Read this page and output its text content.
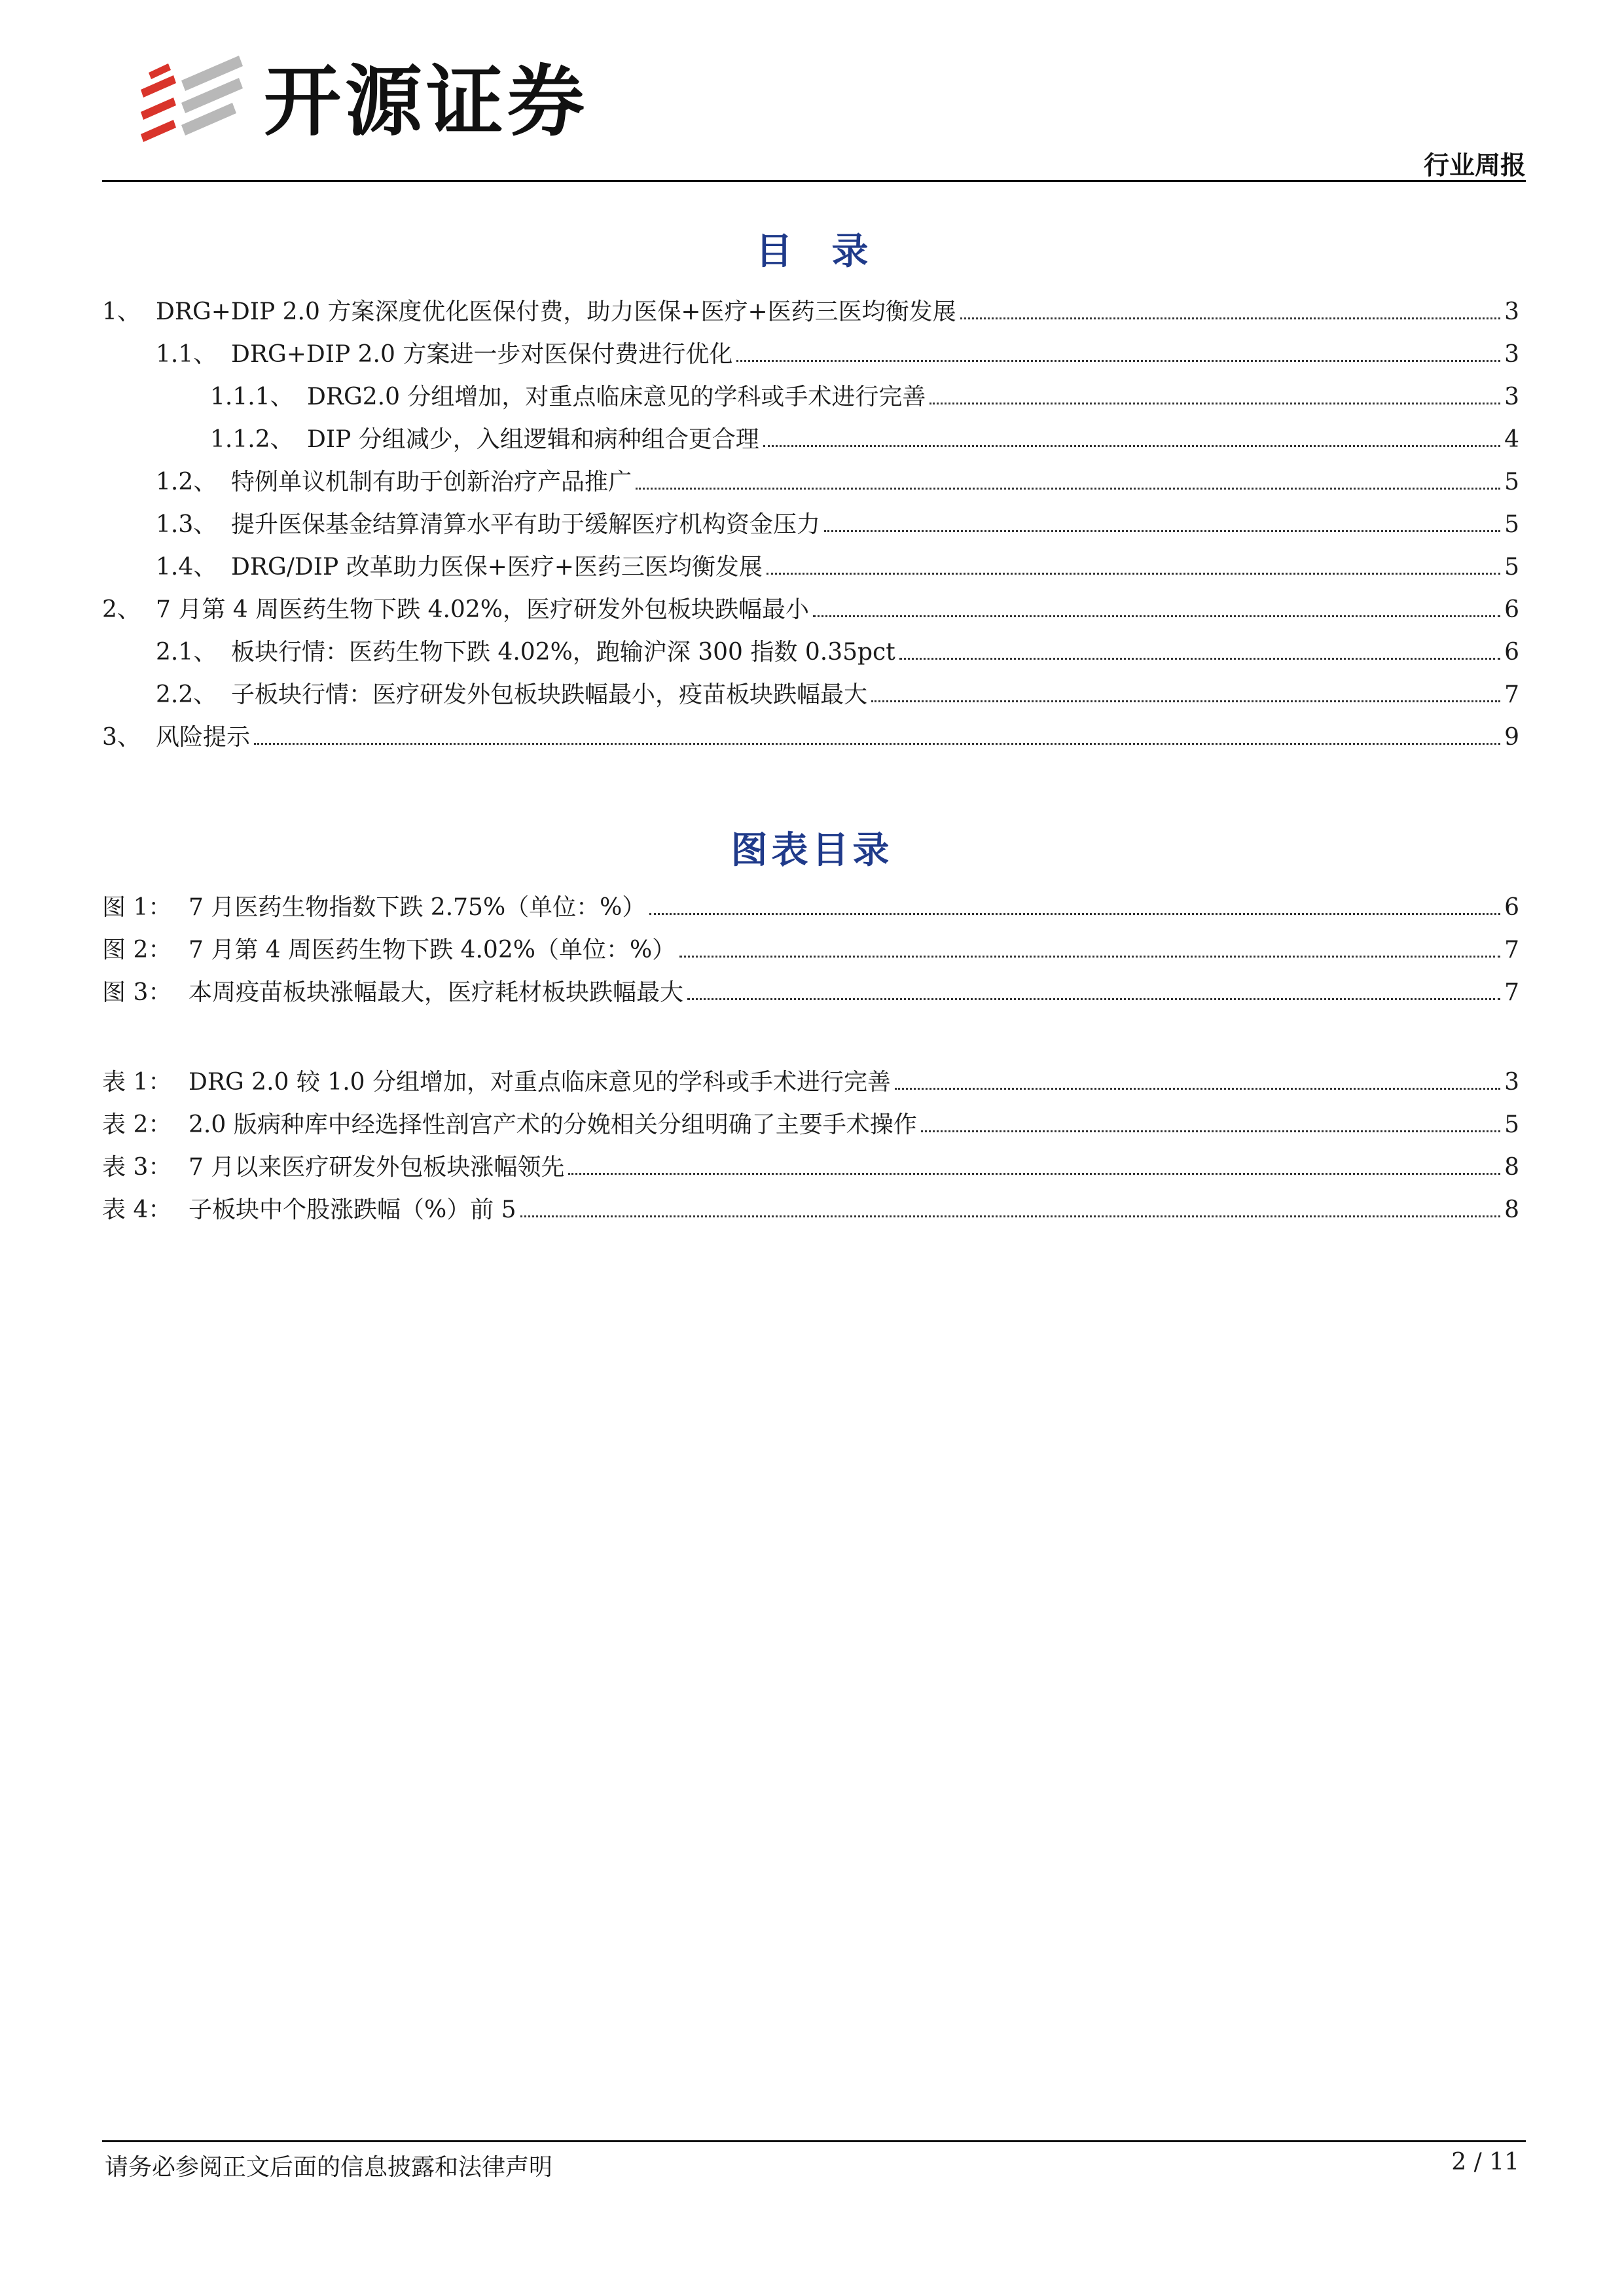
开源证券
行业周报
目录
1、 DRG+DIP 2.0 方案深度优化医保付费，助力医保+医疗+医药三医均衡发展	3
1.1、 DRG+DIP 2.0 方案进一步对医保付费进行优化	3
1.1.1、 DRG2.0 分组增加，对重点临床意见的学科或手术进行完善	3
1.1.2、 DIP 分组减少，入组逻辑和病种组合更合理	4
1.2、 特例单议机制有助于创新治疗产品推广	5
1.3、 提升医保基金结算清算水平有助于缓解医疗机构资金压力	5
1.4、 DRG/DIP 改革助力医保+医疗+医药三医均衡发展	5
2、 7 月第 4 周医药生物下跌 4.02%，医疗研发外包板块跌幅最小	6
2.1、 板块行情：医药生物下跌 4.02%，跑输沪深 300 指数 0.35pct	6
2.2、 子板块行情：医疗研发外包板块跌幅最小，疫苗板块跌幅最大	7
3、 风险提示	9
图表目录
图 1： 7 月医药生物指数下跌 2.75%（单位：%）	6
图 2： 7 月第 4 周医药生物下跌 4.02%（单位：%）	7
图 3： 本周疫苗板块涨幅最大，医疗耗材板块跌幅最大	7
表 1： DRG 2.0 较 1.0 分组增加，对重点临床意见的学科或手术进行完善	3
表 2： 2.0 版病种库中经选择性剖宫产术的分娩相关分组明确了主要手术操作	5
表 3： 7 月以来医疗研发外包板块涨幅领先	8
表 4： 子板块中个股涨跌幅（%）前 5	8
请务必参阅正文后面的信息披露和法律声明	2 / 11
